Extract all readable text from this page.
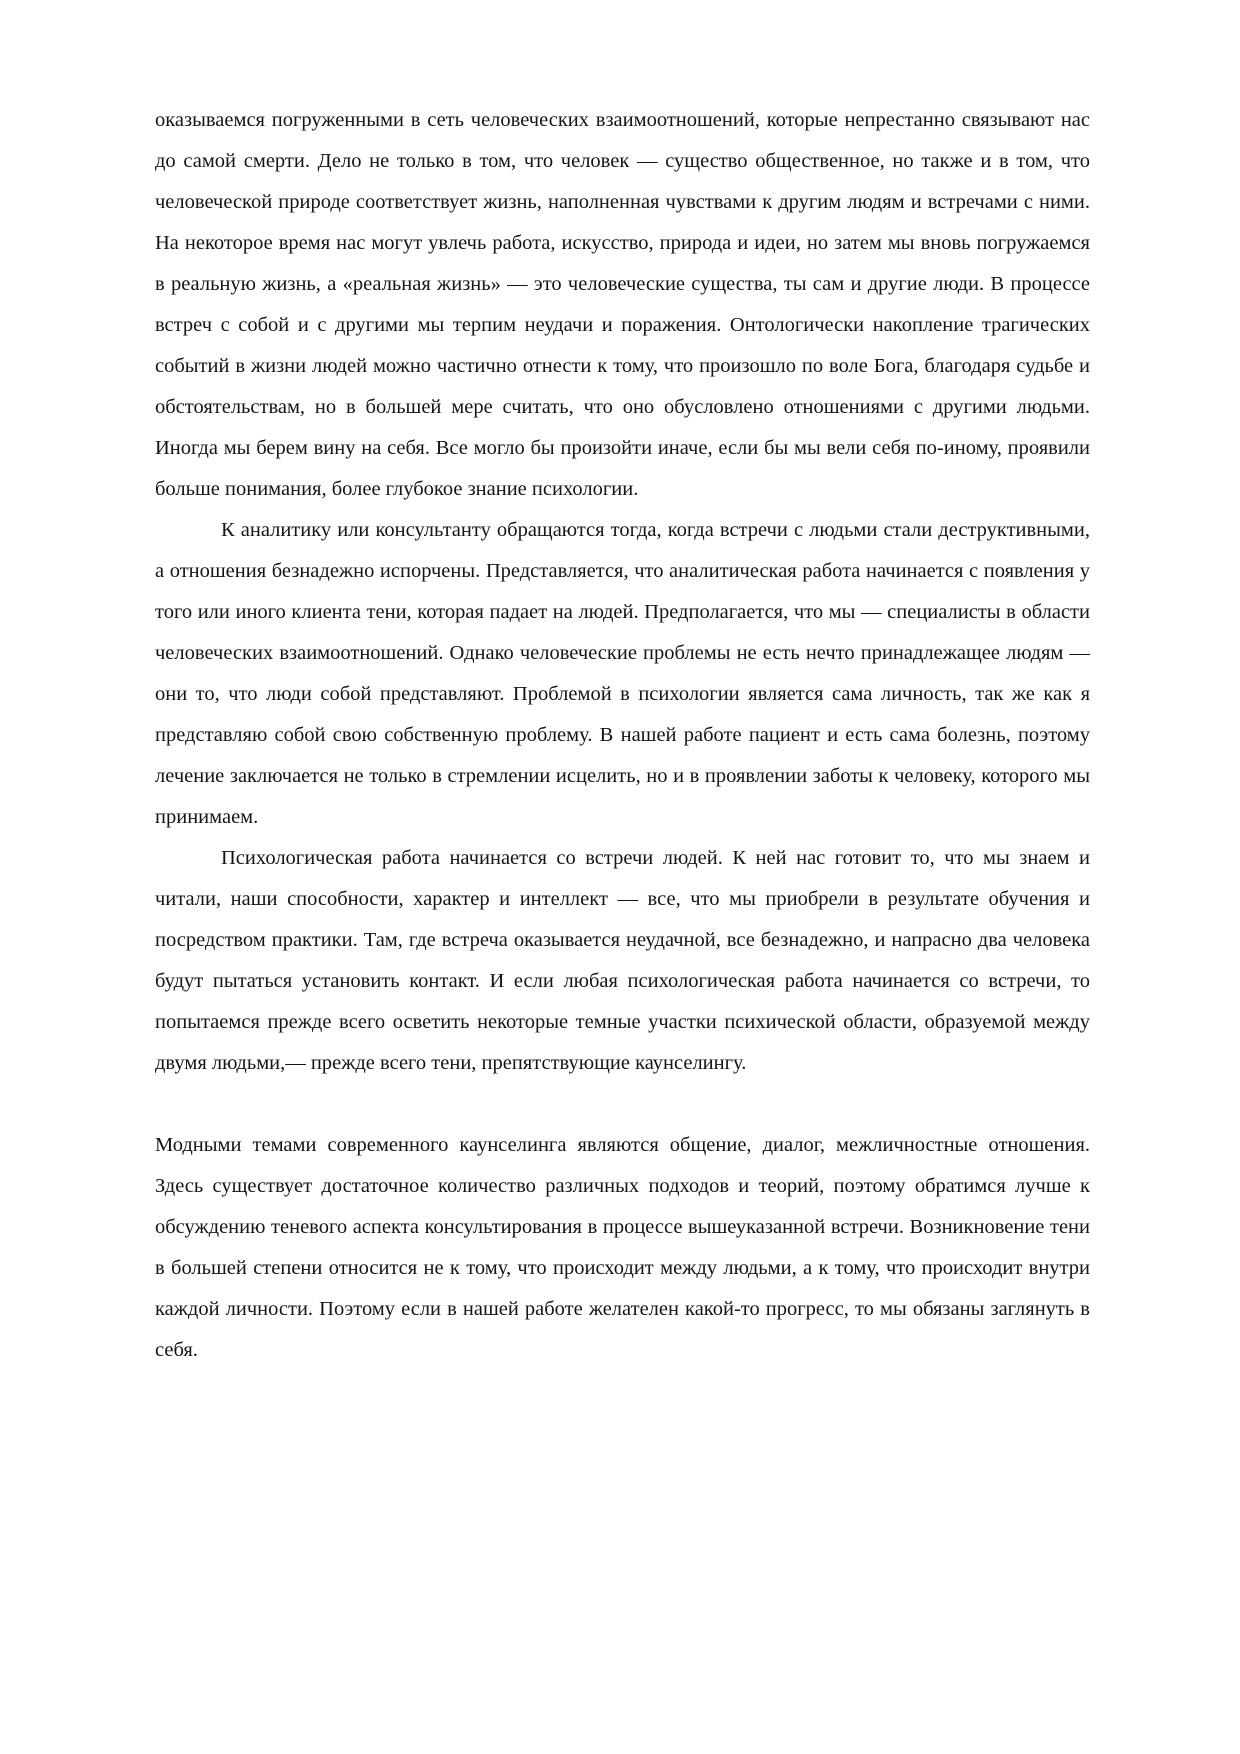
оказываемся погруженными в сеть человеческих взаимоотношений, которые непрестанно связывают нас до самой смерти. Дело не только в том, что человек — существо общественное, но также и в том, что человеческой природе соответствует жизнь, наполненная чувствами к другим людям и встречами с ними. На некоторое время нас могут увлечь работа, искусство, природа и идеи, но затем мы вновь погружаемся в реальную жизнь, а «реальная жизнь» — это человеческие существа, ты сам и другие люди. В процессе встреч с собой и с другими мы терпим неудачи и поражения. Онтологически накопление трагических событий в жизни людей можно частично отнести к тому, что произошло по воле Бога, благодаря судьбе и обстоятельствам, но в большей мере считать, что оно обусловлено отношениями с другими людьми. Иногда мы берем вину на себя. Все могло бы произойти иначе, если бы мы вели себя по-иному, проявили больше понимания, более глубокое знание психологии.

К аналитику или консультанту обращаются тогда, когда встречи с людьми стали деструктивными, а отношения безнадежно испорчены. Представляется, что аналитическая работа начинается с появления у того или иного клиента тени, которая падает на людей. Предполагается, что мы — специалисты в области человеческих взаимоотношений. Однако человеческие проблемы не есть нечто принадлежащее людям — они то, что люди собой представляют. Проблемой в психологии является сама личность, так же как я представляю собой свою собственную проблему. В нашей работе пациент и есть сама болезнь, поэтому лечение заключается не только в стремлении исцелить, но и в проявлении заботы к человеку, которого мы принимаем.

Психологическая работа начинается со встречи людей. К ней нас готовит то, что мы знаем и читали, наши способности, характер и интеллект — все, что мы приобрели в результате обучения и посредством практики. Там, где встреча оказывается неудачной, все безнадежно, и напрасно два человека будут пытаться установить контакт. И если любая психологическая работа начинается со встречи, то попытаемся прежде всего осветить некоторые темные участки психической области, образуемой между двумя людьми,— прежде всего тени, препятствующие каунселингу.

Модными темами современного каунселинга являются общение, диалог, межличностные отношения. Здесь существует достаточное количество различных подходов и теорий, поэтому обратимся лучше к обсуждению теневого аспекта консультирования в процессе вышеуказанной встречи. Возникновение тени в большей степени относится не к тому, что происходит между людьми, а к тому, что происходит внутри каждой личности. Поэтому если в нашей работе желателен какой-то прогресс, то мы обязаны заглянуть в себя.
